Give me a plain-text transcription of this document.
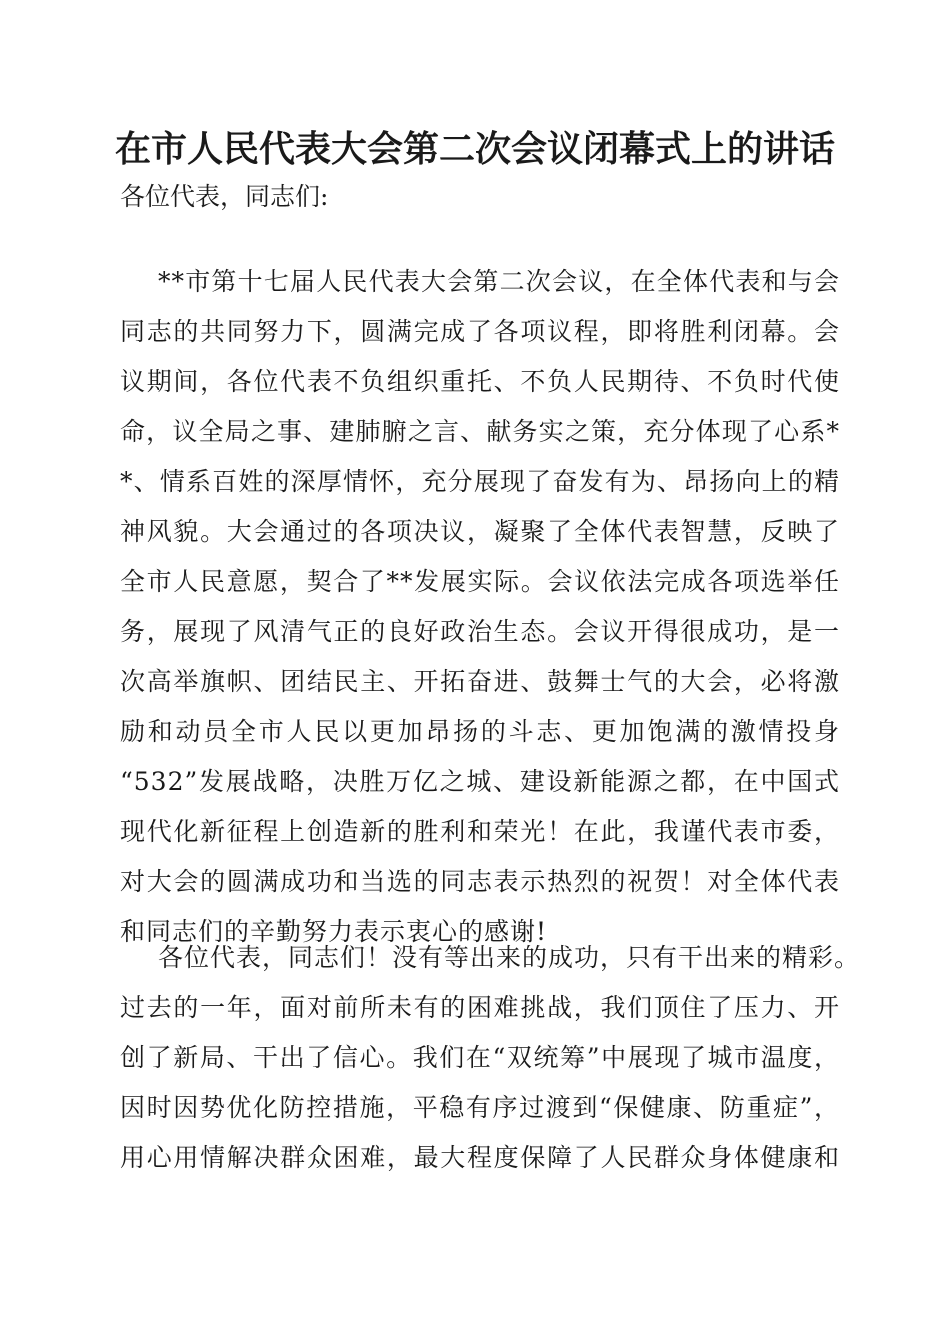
在市人民代表大会第二次会议闭幕式上的讲话

各位代表，同志们:

**市第十七届人民代表大会第二次会议，在全体代表和与会
同志的共同努力下，圆满完成了各项议程，即将胜利闭幕。会
议期间，各位代表不负组织重托、不负人民期待、不负时代使
命，议全局之事、建肺腑之言、献务实之策，充分体现了心系*
*、情系百姓的深厚情怀，充分展现了奋发有为、昂扬向上的精
神风貌。大会通过的各项决议，凝聚了全体代表智慧，反映了
全市人民意愿，契合了**发展实际。会议依法完成各项选举任
务，展现了风清气正的良好政治生态。会议开得很成功，是一
次高举旗帜、团结民主、开拓奋进、鼓舞士气的大会，必将激
励和动员全市人民以更加昂扬的斗志、更加饱满的激情投身
“532”发展战略，决胜万亿之城、建设新能源之都，在中国式
现代化新征程上创造新的胜利和荣光！在此，我谨代表市委，
对大会的圆满成功和当选的同志表示热烈的祝贺！对全体代表
和同志们的辛勤努力表示衷心的感谢!
各位代表，同志们！没有等出来的成功，只有干出来的精彩。
过去的一年，面对前所未有的困难挑战，我们顶住了压力、开
创了新局、干出了信心。我们在“双统筹”中展现了城市温度，
因时因势优化防控措施，平稳有序过渡到“保健康、防重症”，
用心用情解决群众困难，最大程度保障了人民群众身体健康和
